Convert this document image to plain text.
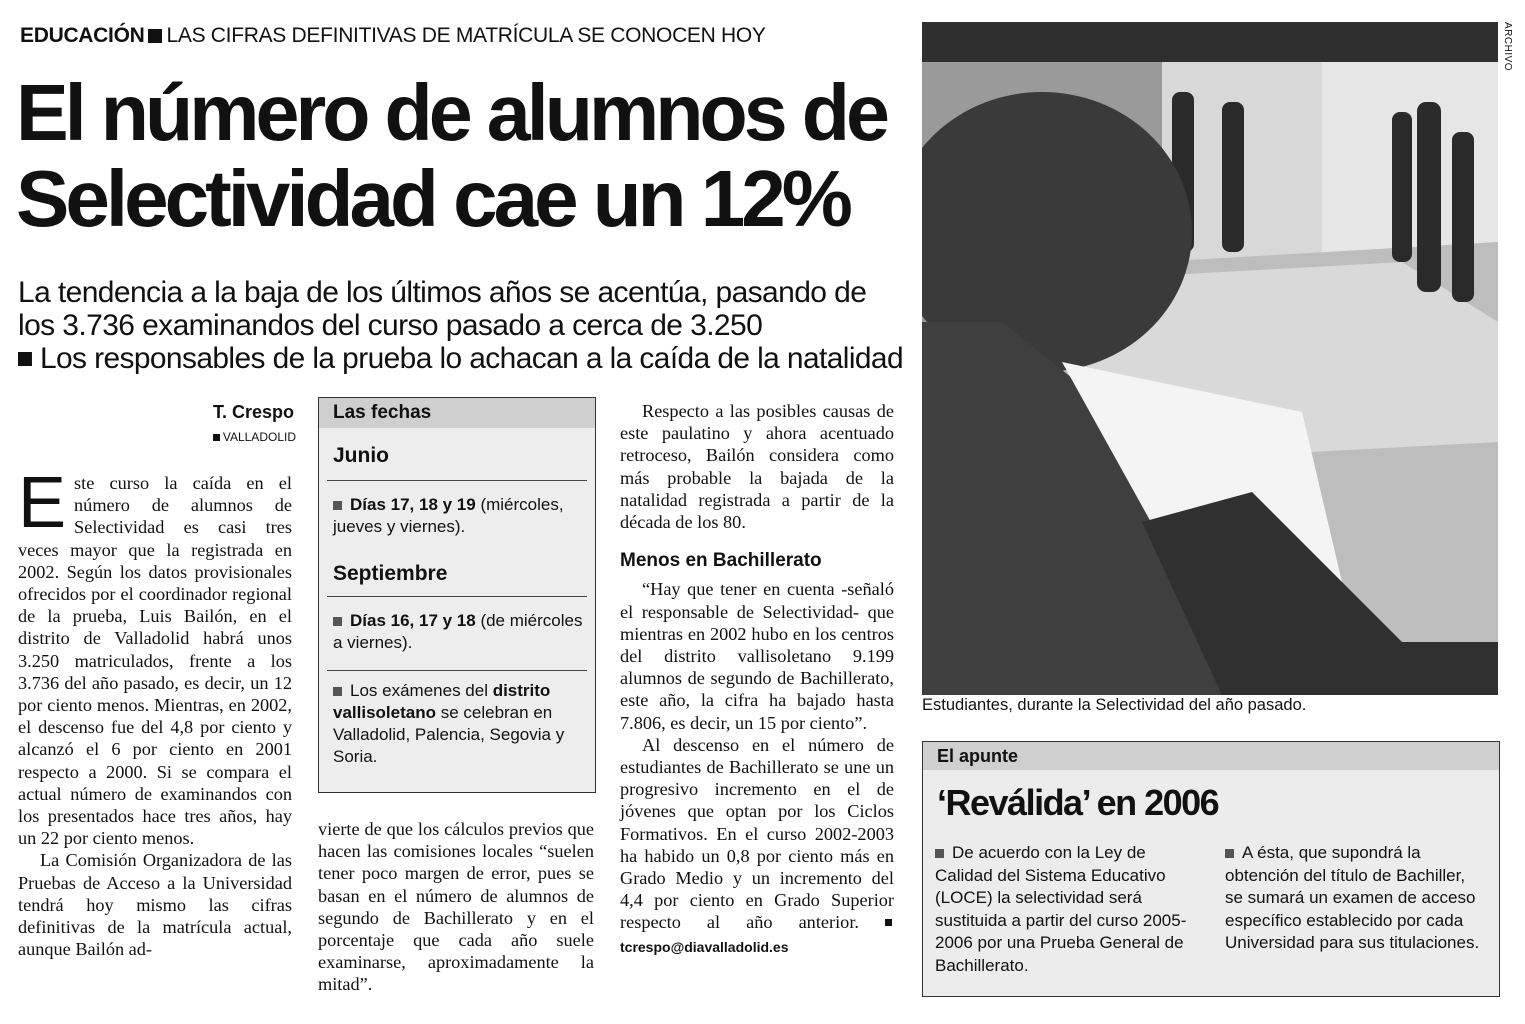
EDUCACIÓN LAS CIFRAS DEFINITIVAS DE MATRÍCULA SE CONOCEN HOY
El número de alumnos de
Selectividad cae un 12%
La tendencia a la baja de los últimos años se acentúa, pasando de
los 3.736 examinandos del curso pasado a cerca de 3.250
Los responsables de la prueba lo achacan a la caída de la natalidad
T. Crespo
VALLADOLID

Este curso la caída en el número de alumnos de Selectividad es casi tres veces mayor que la registrada en 2002. Según los datos provisionales ofrecidos por el coordinador regional de la prueba, Luis Bailón, en el distrito de Valladolid habrá unos 3.250 matriculados, frente a los 3.736 del año pasado, es decir, un 12 por ciento menos. Mientras, en 2002, el descenso fue del 4,8 por ciento y alcanzó el 6 por ciento en 2001 respecto a 2000. Si se compara el actual número de examinandos con los presentados hace tres años, hay un 22 por ciento menos.

La Comisión Organizadora de las Pruebas de Acceso a la Universidad tendrá hoy mismo las cifras definitivas de la matrícula actual, aunque Bailón ad-

Las fechas
Junio
Días 17, 18 y 19 (miércoles, jueves y viernes).
Septiembre
Días 16, 17 y 18 (de miércoles a viernes).
Los exámenes del distrito vallisoletano se celebran en Valladolid, Palencia, Segovia y Soria.
vierte de que los cálculos previos que hacen las comisiones locales “suelen tener poco margen de error, pues se basan en el número de alumnos de segundo de Bachillerato y en el porcentaje que cada año suele examinarse, aproximadamente la mitad”.

Respecto a las posibles causas de este paulatino y ahora acentuado retroceso, Bailón considera como más probable la bajada de la natalidad registrada a partir de la década de los 80.

Menos en Bachillerato

“Hay que tener en cuenta -señaló el responsable de Selectividad- que mientras en 2002 hubo en los centros del distrito vallisoletano 9.199 alumnos de segundo de Bachillerato, este año, la cifra ha bajado hasta 7.806, es decir, un 15 por ciento”.

Al descenso en el número de estudiantes de Bachillerato se une un progresivo incremento en el de jóvenes que optan por los Ciclos Formativos. En el curso 2002-2003 ha habido un 0,8 por ciento más en Grado Medio y un incremento del 4,4 por ciento en Grado Superior respecto al año anterior. tcrespo@diavalladolid.es

ARCHIVO
Estudiantes, durante la Selectividad del año pasado.
El apunte
‘Reválida’ en 2006
De acuerdo con la Ley de Calidad del Sistema Educativo (LOCE) la selectividad será sustituida a partir del curso 2005-2006 por una Prueba General de Bachillerato.
A ésta, que supondrá la obtención del título de Bachiller, se sumará un examen de acceso específico establecido por cada Universidad para sus titulaciones.
